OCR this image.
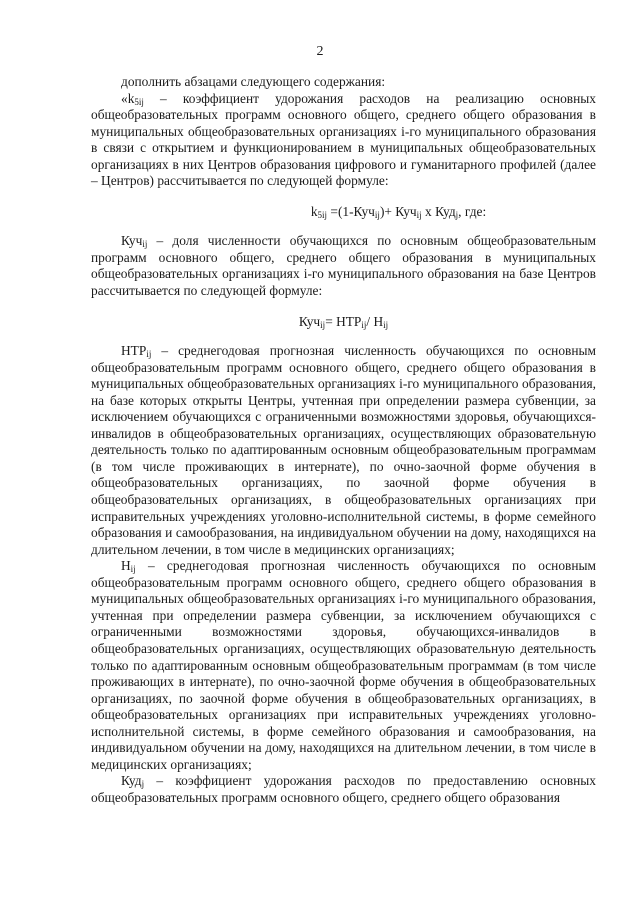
2

дополнить абзацами следующего содержания:

«$k_{5ij}$ – коэффициент удорожания расходов на реализацию основных общеобразовательных программ основного общего, среднего общего образования в муниципальных общеобразовательных организациях i-го муниципального образования в связи с открытием и функционированием в муниципальных общеобразовательных организациях в них Центров образования цифрового и гуманитарного профилей (далее – Центров) рассчитывается по следующей формуле:

$k_{5ij} =(1-Куч_{ij})+ Куч_{ij}$ х Куд$_j$, где:

Куч$_{ij}$ – доля численности обучающихся по основным общеобразовательным программ основного общего, среднего общего образования в муниципальных общеобразовательных организациях i-го муниципального образования на базе Центров рассчитывается по следующей формуле:

$Куч_{ij}= НТР_{ij}/$ $Н_{ij}$

$НТР_{ij}$ – среднегодовая прогнозная численность обучающихся по основным общеобразовательным программ основного общего, среднего общего образования в муниципальных общеобразовательных организациях i-го муниципального образования, на базе которых открыты Центры, учтенная при определении размера субвенции, за исключением обучающихся с ограниченными возможностями здоровья, обучающихся-инвалидов в общеобразовательных организациях, осуществляющих образовательную деятельность только по адаптированным основным общеобразовательным программам (в том числе проживающих в интернате), по очно-заочной форме обучения в общеобразовательных организациях, по заочной форме обучения в общеобразовательных организациях, в общеобразовательных организациях при исправительных учреждениях уголовно-исполнительной системы, в форме семейного образования и самообразования, на индивидуальном обучении на дому, находящихся на длительном лечении, в том числе в медицинских организациях;

$Н_{ij}$ – среднегодовая прогнозная численность обучающихся по основным общеобразовательным программ основного общего, среднего общего образования в муниципальных общеобразовательных организациях i-го муниципального образования, учтенная при определении размера субвенции, за исключением обучающихся с ограниченными возможностями здоровья, обучающихся-инвалидов в общеобразовательных организациях, осуществляющих образовательную деятельность только по адаптированным основным общеобразовательным программам (в том числе проживающих в интернате), по очно-заочной форме обучения в общеобразовательных организациях, по заочной форме обучения в общеобразовательных организациях, в общеобразовательных организациях при исправительных учреждениях уголовно-исполнительной системы, в форме семейного образования и самообразования, на индивидуальном обучении на дому, находящихся на длительном лечении, в том числе в медицинских организациях;

Куд$_j$ – коэффициент удорожания расходов по предоставлению основных общеобразовательных программ основного общего, среднего общего образования
